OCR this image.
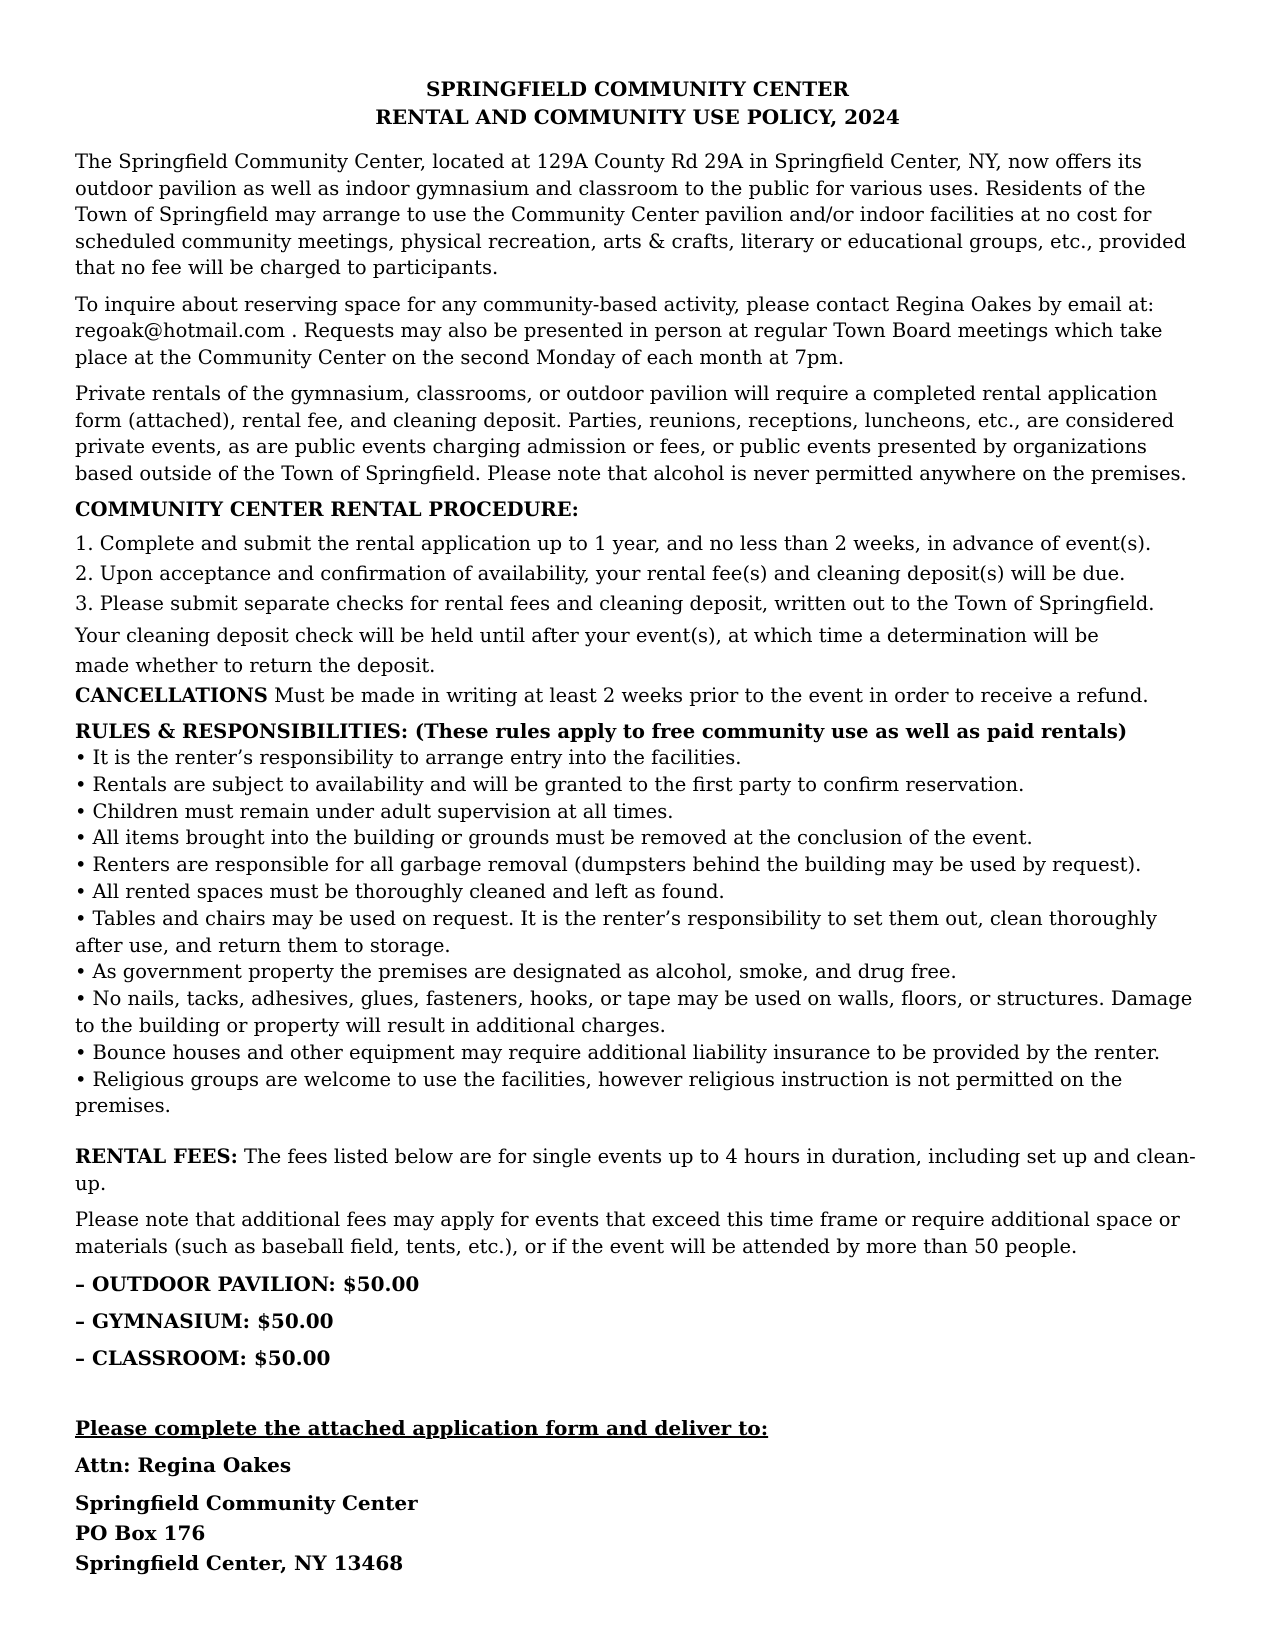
SPRINGFIELD COMMUNITY CENTER
RENTAL AND COMMUNITY USE POLICY, 2024

The Springfield Community Center, located at 129A County Rd 29A in Springfield Center, NY, now offers its outdoor pavilion as well as indoor gymnasium and classroom to the public for various uses. Residents of the Town of Springfield may arrange to use the Community Center pavilion and/or indoor facilities at no cost for scheduled community meetings, physical recreation, arts & crafts, literary or educational groups, etc., provided that no fee will be charged to participants.

To inquire about reserving space for any community-based activity, please contact Regina Oakes by email at: regoak@hotmail.com . Requests may also be presented in person at regular Town Board meetings which take place at the Community Center on the second Monday of each month at 7pm.

Private rentals of the gymnasium, classrooms, or outdoor pavilion will require a completed rental application form (attached), rental fee, and cleaning deposit. Parties, reunions, receptions, luncheons, etc., are considered private events, as are public events charging admission or fees, or public events presented by organizations based outside of the Town of Springfield. Please note that alcohol is never permitted anywhere on the premises.

COMMUNITY CENTER RENTAL PROCEDURE:
1. Complete and submit the rental application up to 1 year, and no less than 2 weeks, in advance of event(s).
2. Upon acceptance and confirmation of availability, your rental fee(s) and cleaning deposit(s) will be due.
3. Please submit separate checks for rental fees and cleaning deposit, written out to the Town of Springfield.
Your cleaning deposit check will be held until after your event(s), at which time a determination will be
made whether to return the deposit.
CANCELLATIONS Must be made in writing at least 2 weeks prior to the event in order to receive a refund.
RULES & RESPONSIBILITIES: (These rules apply to free community use as well as paid rentals)
• It is the renter’s responsibility to arrange entry into the facilities.
• Rentals are subject to availability and will be granted to the first party to confirm reservation.
• Children must remain under adult supervision at all times.
• All items brought into the building or grounds must be removed at the conclusion of the event.
• Renters are responsible for all garbage removal (dumpsters behind the building may be used by request).
• All rented spaces must be thoroughly cleaned and left as found.
• Tables and chairs may be used on request. It is the renter’s responsibility to set them out, clean thoroughly after use, and return them to storage.
• As government property the premises are designated as alcohol, smoke, and drug free.
• No nails, tacks, adhesives, glues, fasteners, hooks, or tape may be used on walls, floors, or structures. Damage to the building or property will result in additional charges.
• Bounce houses and other equipment may require additional liability insurance to be provided by the renter.
• Religious groups are welcome to use the facilities, however religious instruction is not permitted on the premises.

RENTAL FEES: The fees listed below are for single events up to 4 hours in duration, including set up and clean-up.

Please note that additional fees may apply for events that exceed this time frame or require additional space or materials (such as baseball field, tents, etc.), or if the event will be attended by more than 50 people.

– OUTDOOR PAVILION: $50.00
– GYMNASIUM: $50.00
– CLASSROOM: $50.00
Please complete the attached application form and deliver to:
Attn: Regina Oakes
Springfield Community Center
PO Box 176
Springfield Center, NY 13468
